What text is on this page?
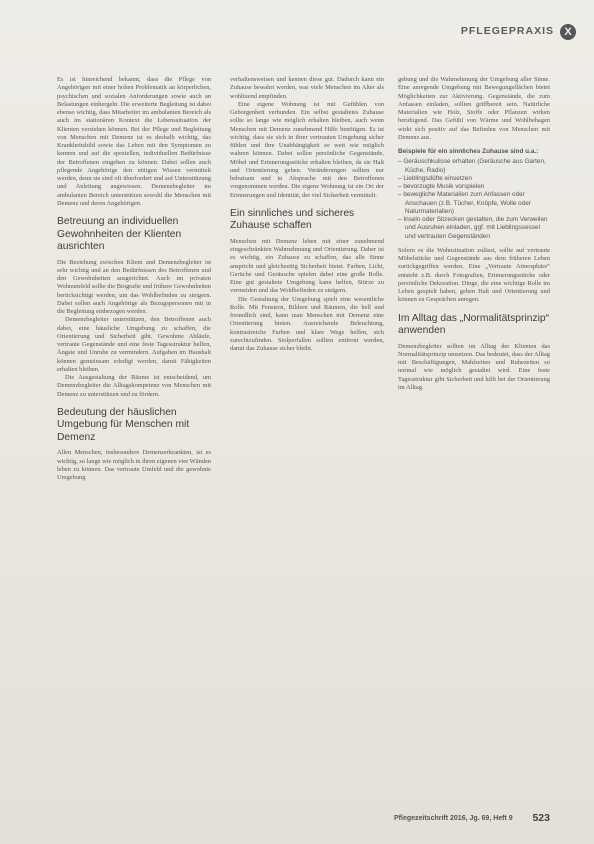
PFLEGEPRAXIS X

Es ist hinreichend bekannt, dass die Pflege von Angehörigen mit einer hohen Problematik an körperlichen, psychischen und sozialen Anforderungen sowie auch an Belastungen einhergeht. Die erweiterte Begleitung ist dabei ebenso wichtig, dass Mitarbeiter im ambulanten Bereich als auch im stationären Kontext die Lebenssituation der Klienten verstehen können. Bei der Pflege und Begleitung von Menschen mit Demenz ist es deshalb wichtig, das Krankheitsbild sowie das Leben mit den Symptomen zu kennen und auf die speziellen, individuellen Bedürfnisse der Betroffenen eingehen zu können. Dabei sollen auch pflegende Angehörige den nötigen Wissen vermittelt werden, denn sie sind oft überfordert und auf Unterstützung und Anleitung angewiesen. Demenzbegleiter im ambulanten Bereich unterstützen sowohl die Menschen mit Demenz und deren Angehörigen.

Betreuung an individuellen Gewohnheiten der Klienten ausrichten

Die Beziehung zwischen Klient und Demenzbegleiter ist sehr wichtig und an den Bedürfnissen des Betroffenen und den Gewohnheiten ausgerichtet. Auch im privaten Wohnumfeld sollte die Biografie und frühere Gewohnheiten berücksichtigt werden, um das Wohlbefinden zu steigern. Dabei sollen auch Angehörige als Bezugspersonen mit in die Begleitung einbezogen werden.

Demenzbegleiter unterstützen, den Betroffenen auch dabei, eine häusliche Umgebung zu schaffen, die Orientierung und Sicherheit gibt. Gewohnte Abläufe, vertraute Gegenstände und eine feste Tagesstruktur helfen, Ängste und Unruhe zu vermindern. Aufgaben im Haushalt können gemeinsam erledigt werden, damit Fähigkeiten erhalten bleiben.

Die Ausgestaltung der Räume ist entscheidend, um Demenzbegleiter die Alltagskompetenz von Menschen mit Demenz zu unterstützen und zu fördern.

Bedeutung der häuslichen Umgebung für Menschen mit Demenz

Allen Menschen, insbesondere Demenzerkrankten, ist es wichtig, so lange wie möglich in ihren eigenen vier Wänden leben zu können. Das vertraute Umfeld und die gewohnte Umgebung

verhaltensweisen und kennen diese gut. Dadurch kann ein Zuhause bewahrt werden, was viele Menschen im Alter als wohltuend empfinden.

Eine eigene Wohnung ist mit Gefühlen von Geborgenheit verbunden. Ein selbst gestaltetes Zuhause sollte so lange wie möglich erhalten bleiben, auch wenn Menschen mit Demenz zunehmend Hilfe benötigen. Es ist wichtig, dass sie sich in ihrer vertrauten Umgebung sicher fühlen und ihre Unabhängigkeit so weit wie möglich wahren können. Dabei sollen persönliche Gegenstände, Möbel und Erinnerungsstücke erhalten bleiben, da sie Halt und Orientierung geben. Veränderungen sollten nur behutsam und in Absprache mit den Betroffenen vorgenommen werden. Die eigene Wohnung ist ein Ort der Erinnerungen und Identität, der viel Sicherheit vermittelt.

Ein sinnliches und sicheres Zuhause schaffen

Menschen mit Demenz leben mit einer zunehmend eingeschränkten Wahrnehmung und Orientierung. Daher ist es wichtig, ein Zuhause zu schaffen, das alle Sinne anspricht und gleichzeitig Sicherheit bietet. Farben, Licht, Gerüche und Geräusche spielen dabei eine große Rolle. Eine gut gestaltete Umgebung kann helfen, Stürze zu vermeiden und das Wohlbefinden zu steigern.

Die Gestaltung der Umgebung spielt eine wesentliche Rolle. Mit Fenstern, Bildern und Räumen, die hell und freundlich sind, kann man Menschen mit Demenz eine Orientierung bieten. Ausreichende Beleuchtung, kontrastreiche Farben und klare Wege helfen, sich zurechtzufinden. Stolperfallen sollten entfernt werden, damit das Zuhause sicher bleibt.

gebung und die Wahrnehmung der Umgebung aller Sinne. Eine anregende Umgebung mit Bewegungsflächen bietet Möglichkeiten zur Aktivierung. Gegenstände, die zum Anfassen einladen, sollten griffbereit sein. Natürliche Materialien wie Holz, Stoffe oder Pflanzen wirken beruhigend. Das Gefühl von Wärme und Wohlbehagen wirkt sich positiv auf das Befinden von Menschen mit Demenz aus.

Beispiele für ein sinnliches Zuhause sind u.a.:
– Geräuschkulisse erhalten (Geräusche aus Garten, Küche, Radio)
– Lieblingsdüfte einsetzen
– bevorzugte Musik vorspielen
– bewegliche Materialien zum Anfassen oder Anschauen (z.B. Tücher, Knöpfe, Wolle oder Naturmaterialien)
– Inseln oder Sitzecken gestalten, die zum Verweilen und Ausruhen einladen, ggf. mit Lieblingssessel und vertrauten Gegenständen

Sofern es die Wohnsituation zulässt, sollte auf vertraute Möbelstücke und Gegenstände aus dem früheren Leben zurückgegriffen werden. Eine „Vertraute Atmosphäre“ entsteht z.B. durch Fotografien, Erinnerungsstücke oder persönliche Dekoration. Dinge, die eine wichtige Rolle im Leben gespielt haben, geben Halt und Orientierung und können zu Gesprächen anregen.

Im Alltag das „Normalitätsprinzip“ anwenden

Demenzbegleiter sollten im Alltag der Klienten das Normalitätsprinzip umsetzen. Das bedeutet, dass der Alltag mit Beschäftigungen, Mahlzeiten und Ruhezeiten so normal wie möglich gestaltet wird. Eine feste Tagesstruktur gibt Sicherheit und hilft bei der Orientierung im Alltag.

Pflegezeitschrift 2016, Jg. 69, Heft 9 523
